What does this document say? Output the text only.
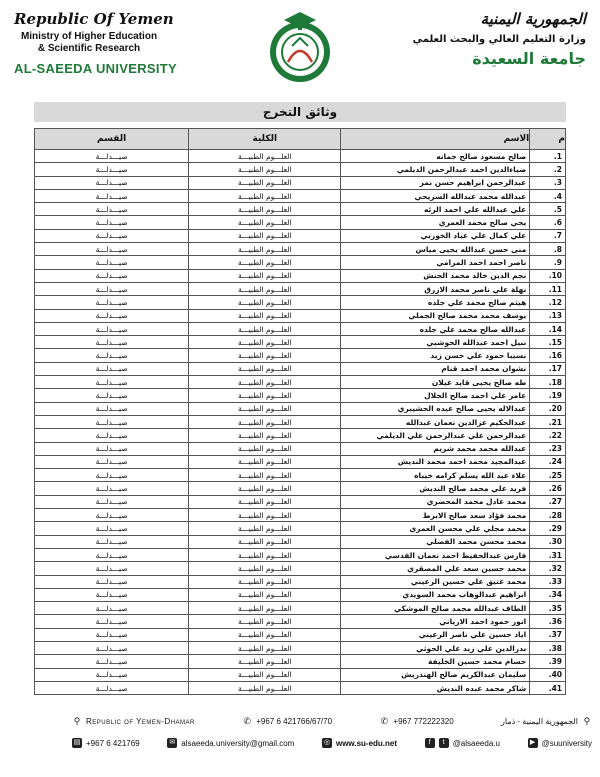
Republic Of Yemen
Ministry of Higher Education
& Scientific Research
AL-SAEEDA UNIVERSITY
الجمهورية اليمنية
وزارة التعليم العالي والبحث العلمي
جامعة السعيدة
وثائق التخرج
م	الاسم	الكلية	القسم
1.	صالح مسعود صالح جمانه	العلـــوم الطبيـــة	صيـــدلـــة
2.	ضياءالدين احمد عبدالرحمن الديلمي	العلـــوم الطبيـــة	صيـــدلـــة
3.	عبدالرحمن ابراهيم حسن نمر	العلـــوم الطبيـــة	صيـــدلـــة
4.	عبدالله محمد عبدالله السريحي	العلـــوم الطبيـــة	صيـــدلـــة
5.	علي عبدالله علي احمد الرئه	العلـــوم الطبيـــة	صيـــدلـــة
6.	يحي صالح محمد العمري	العلـــوم الطبيـــة	صيـــدلـــة
7.	علي كمال علي عباد الخوربي	العلـــوم الطبيـــة	صيـــدلـــة
8.	منى حسن عبدالله يحيى مياس	العلـــوم الطبيـــة	صيـــدلـــة
9.	ناصر احمد احمد المرامي	العلـــوم الطبيـــة	صيـــدلـــة
10.	نجم الدين خالد محمد الحنش	العلـــوم الطبيـــة	صيـــدلـــة
11.	نهلة علي ناصر محمد الازرق	العلـــوم الطبيـــة	صيـــدلـــة
12.	هيثم صالح محمد علي جلده	العلـــوم الطبيـــة	صيـــدلـــة
13.	يوسف محمد محمد صالح الجملي	العلـــوم الطبيـــة	صيـــدلـــة
14.	عبدالله صالح محمد علي جلده	العلـــوم الطبيـــة	صيـــدلـــة
15.	نبيل احمد عبدالله الحوشبي	العلـــوم الطبيـــة	صيـــدلـــة
16.	نسيبا حمود علي حسن زيد	العلـــوم الطبيـــة	صيـــدلـــة
17.	نشوان محمد احمد قنام	العلـــوم الطبيـــة	صيـــدلـــة
18.	طه صالح يحيى قايد غيلان	العلـــوم الطبيـــة	صيـــدلـــة
19.	عامر علي احمد صالح الجلال	العلـــوم الطبيـــة	صيـــدلـــة
20.	عبدالاله يحيى صالح عبده الحشيبري	العلـــوم الطبيـــة	صيـــدلـــة
21.	عبدالحكيم عزالدين نعمان عبدالله	العلـــوم الطبيـــة	صيـــدلـــة
22.	عبدالرحمن علي عبدالرحمن علي الديلمي	العلـــوم الطبيـــة	صيـــدلـــة
23.	عبدالله محمد محمد شريم	العلـــوم الطبيـــة	صيـــدلـــة
24.	عبدالمجيد محمد احمد محمد النديش	العلـــوم الطبيـــة	صيـــدلـــة
25.	علاء عبد الله يسلم كرامه خيباه	العلـــوم الطبيـــة	صيـــدلـــة
26.	فريد علي محمد صالح النديش	العلـــوم الطبيـــة	صيـــدلـــة
27.	محمد عادل محمد المحضري	العلـــوم الطبيـــة	صيـــدلـــة
28.	محمد فؤاد سعد صالح الابرط	العلـــوم الطبيـــة	صيـــدلـــة
29.	محمد مجلي علي محسن العمري	العلـــوم الطبيـــة	صيـــدلـــة
30.	محمد محسن محمد الفضلي	العلـــوم الطبيـــة	صيـــدلـــة
31.	فارس عبدالحفيظ احمد نعمان القدسي	العلـــوم الطبيـــة	صيـــدلـــة
32.	محمد حسين سعد علي المصقري	العلـــوم الطبيـــة	صيـــدلـــة
33.	محمد عتيق علي حسين الرعيني	العلـــوم الطبيـــة	صيـــدلـــة
34.	ابراهيم عبدالوهاب محمد السويدي	العلـــوم الطبيـــة	صيـــدلـــة
35.	الطاف عبدالله محمد صالح الموشكي	العلـــوم الطبيـــة	صيـــدلـــة
36.	انور حمود احمد الارياني	العلـــوم الطبيـــة	صيـــدلـــة
37.	اياد حسين علي ناصر الرعيني	العلـــوم الطبيـــة	صيـــدلـــة
38.	بدرالدين علي زيد علي الحوثي	العلـــوم الطبيـــة	صيـــدلـــة
39.	حسام محمد حسين الخليفة	العلـــوم الطبيـــة	صيـــدلـــة
40.	سليمان عبدالكريم صالح الهندريش	العلـــوم الطبيـــة	صيـــدلـــة
41.	شاكر محمد عبده النديش	العلـــوم الطبيـــة	صيـــدلـــة
⚲ Republic of Yemen-Dhamar	✆ +967 6 421766/67/70	✆ +967 772222320	الجمهورية اليمنية - ذمار ⚲
▤ +967 6 421769	✉ alsaeeda.university@gmail.com	◎ www.su-edu.net	f	t	@alsaeeda.u	▶ @suuniversity
